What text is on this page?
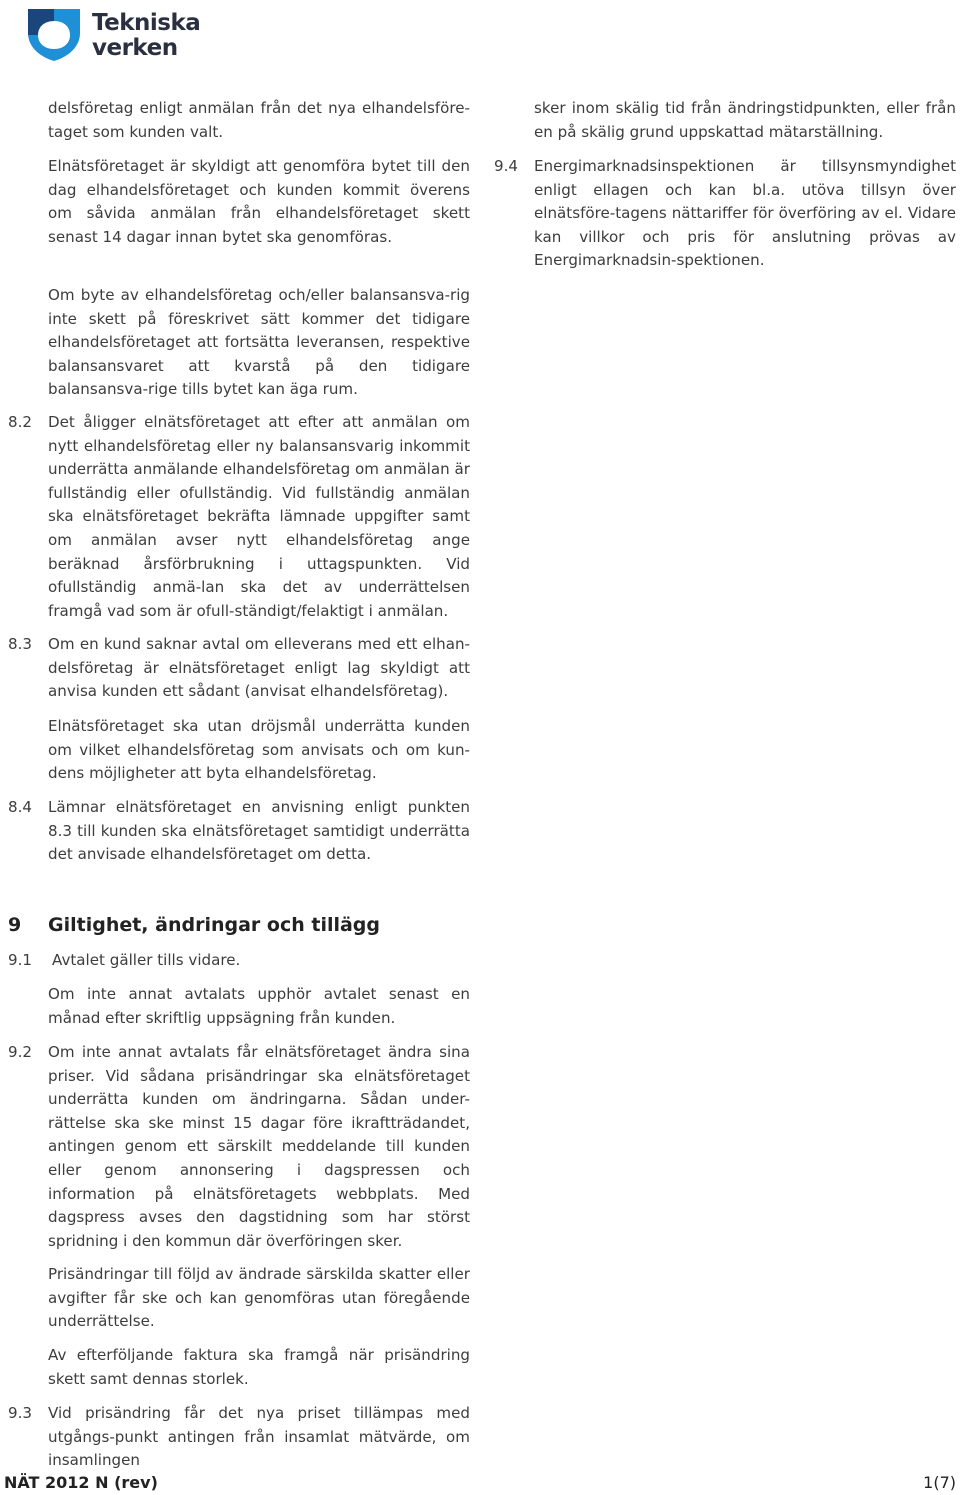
Tekniska
verken

delsföretag enligt anmälan från det nya elhandelsföre-taget som kunden valt.

Elnätsföretaget är skyldigt att genomföra bytet till den dag elhandelsföretaget och kunden kommit överens om såvida anmälan från elhandelsföretaget skett senast 14 dagar innan bytet ska genomföras.

Om byte av elhandelsföretag och/eller balansansva-rig inte skett på föreskrivet sätt kommer det tidigare elhandelsföretaget att fortsätta leveransen, respektive balansansvaret att kvarstå på den tidigare balansansva-rige tills bytet kan äga rum.

8.2 Det åligger elnätsföretaget att efter att anmälan om nytt elhandelsföretag eller ny balansansvarig inkommit underrätta anmälande elhandelsföretag om anmälan är fullständig eller ofullständig. Vid fullständig anmälan ska elnätsföretaget bekräfta lämnade uppgifter samt om anmälan avser nytt elhandelsföretag ange beräknad årsförbrukning i uttagspunkten. Vid ofullständig anmä-lan ska det av underrättelsen framgå vad som är ofull-ständigt/felaktigt i anmälan.

8.3 Om en kund saknar avtal om elleverans med ett elhan-delsföretag är elnätsföretaget enligt lag skyldigt att anvisa kunden ett sådant (anvisat elhandelsföretag).

Elnätsföretaget ska utan dröjsmål underrätta kunden om vilket elhandelsföretag som anvisats och om kun-dens möjligheter att byta elhandelsföretag.

8.4 Lämnar elnätsföretaget en anvisning enligt punkten 8.3 till kunden ska elnätsföretaget samtidigt underrätta det anvisade elhandelsföretaget om detta.

9 Giltighet, ändringar och tillägg
9.1 Avtalet gäller tills vidare.

Om inte annat avtalats upphör avtalet senast en månad efter skriftlig uppsägning från kunden.

9.2 Om inte annat avtalats får elnätsföretaget ändra sina priser. Vid sådana prisändringar ska elnätsföretaget underrätta kunden om ändringarna. Sådan under-rättelse ska ske minst 15 dagar före ikraftträdandet, antingen genom ett särskilt meddelande till kunden eller genom annonsering i dagspressen och information på elnätsföretagets webbplats. Med dagspress avses den dagstidning som har störst spridning i den kommun där överföringen sker.

Prisändringar till följd av ändrade särskilda skatter eller avgifter får ske och kan genomföras utan föregående underrättelse.

Av efterföljande faktura ska framgå när prisändring skett samt dennas storlek.

9.3 Vid prisändring får det nya priset tillämpas med utgångs-punkt antingen från insamlat mätvärde, om insamlingen

sker inom skälig tid från ändringstidpunkten, eller från en på skälig grund uppskattad mätarställning.

9.4 Energimarknadsinspektionen är tillsynsmyndighet enligt ellagen och kan bl.a. utöva tillsyn över elnätsföre-tagens nättariffer för överföring av el. Vidare kan villkor och pris för anslutning prövas av Energimarknadsin-spektionen.

NÄT 2012 N (rev)	1(7)
